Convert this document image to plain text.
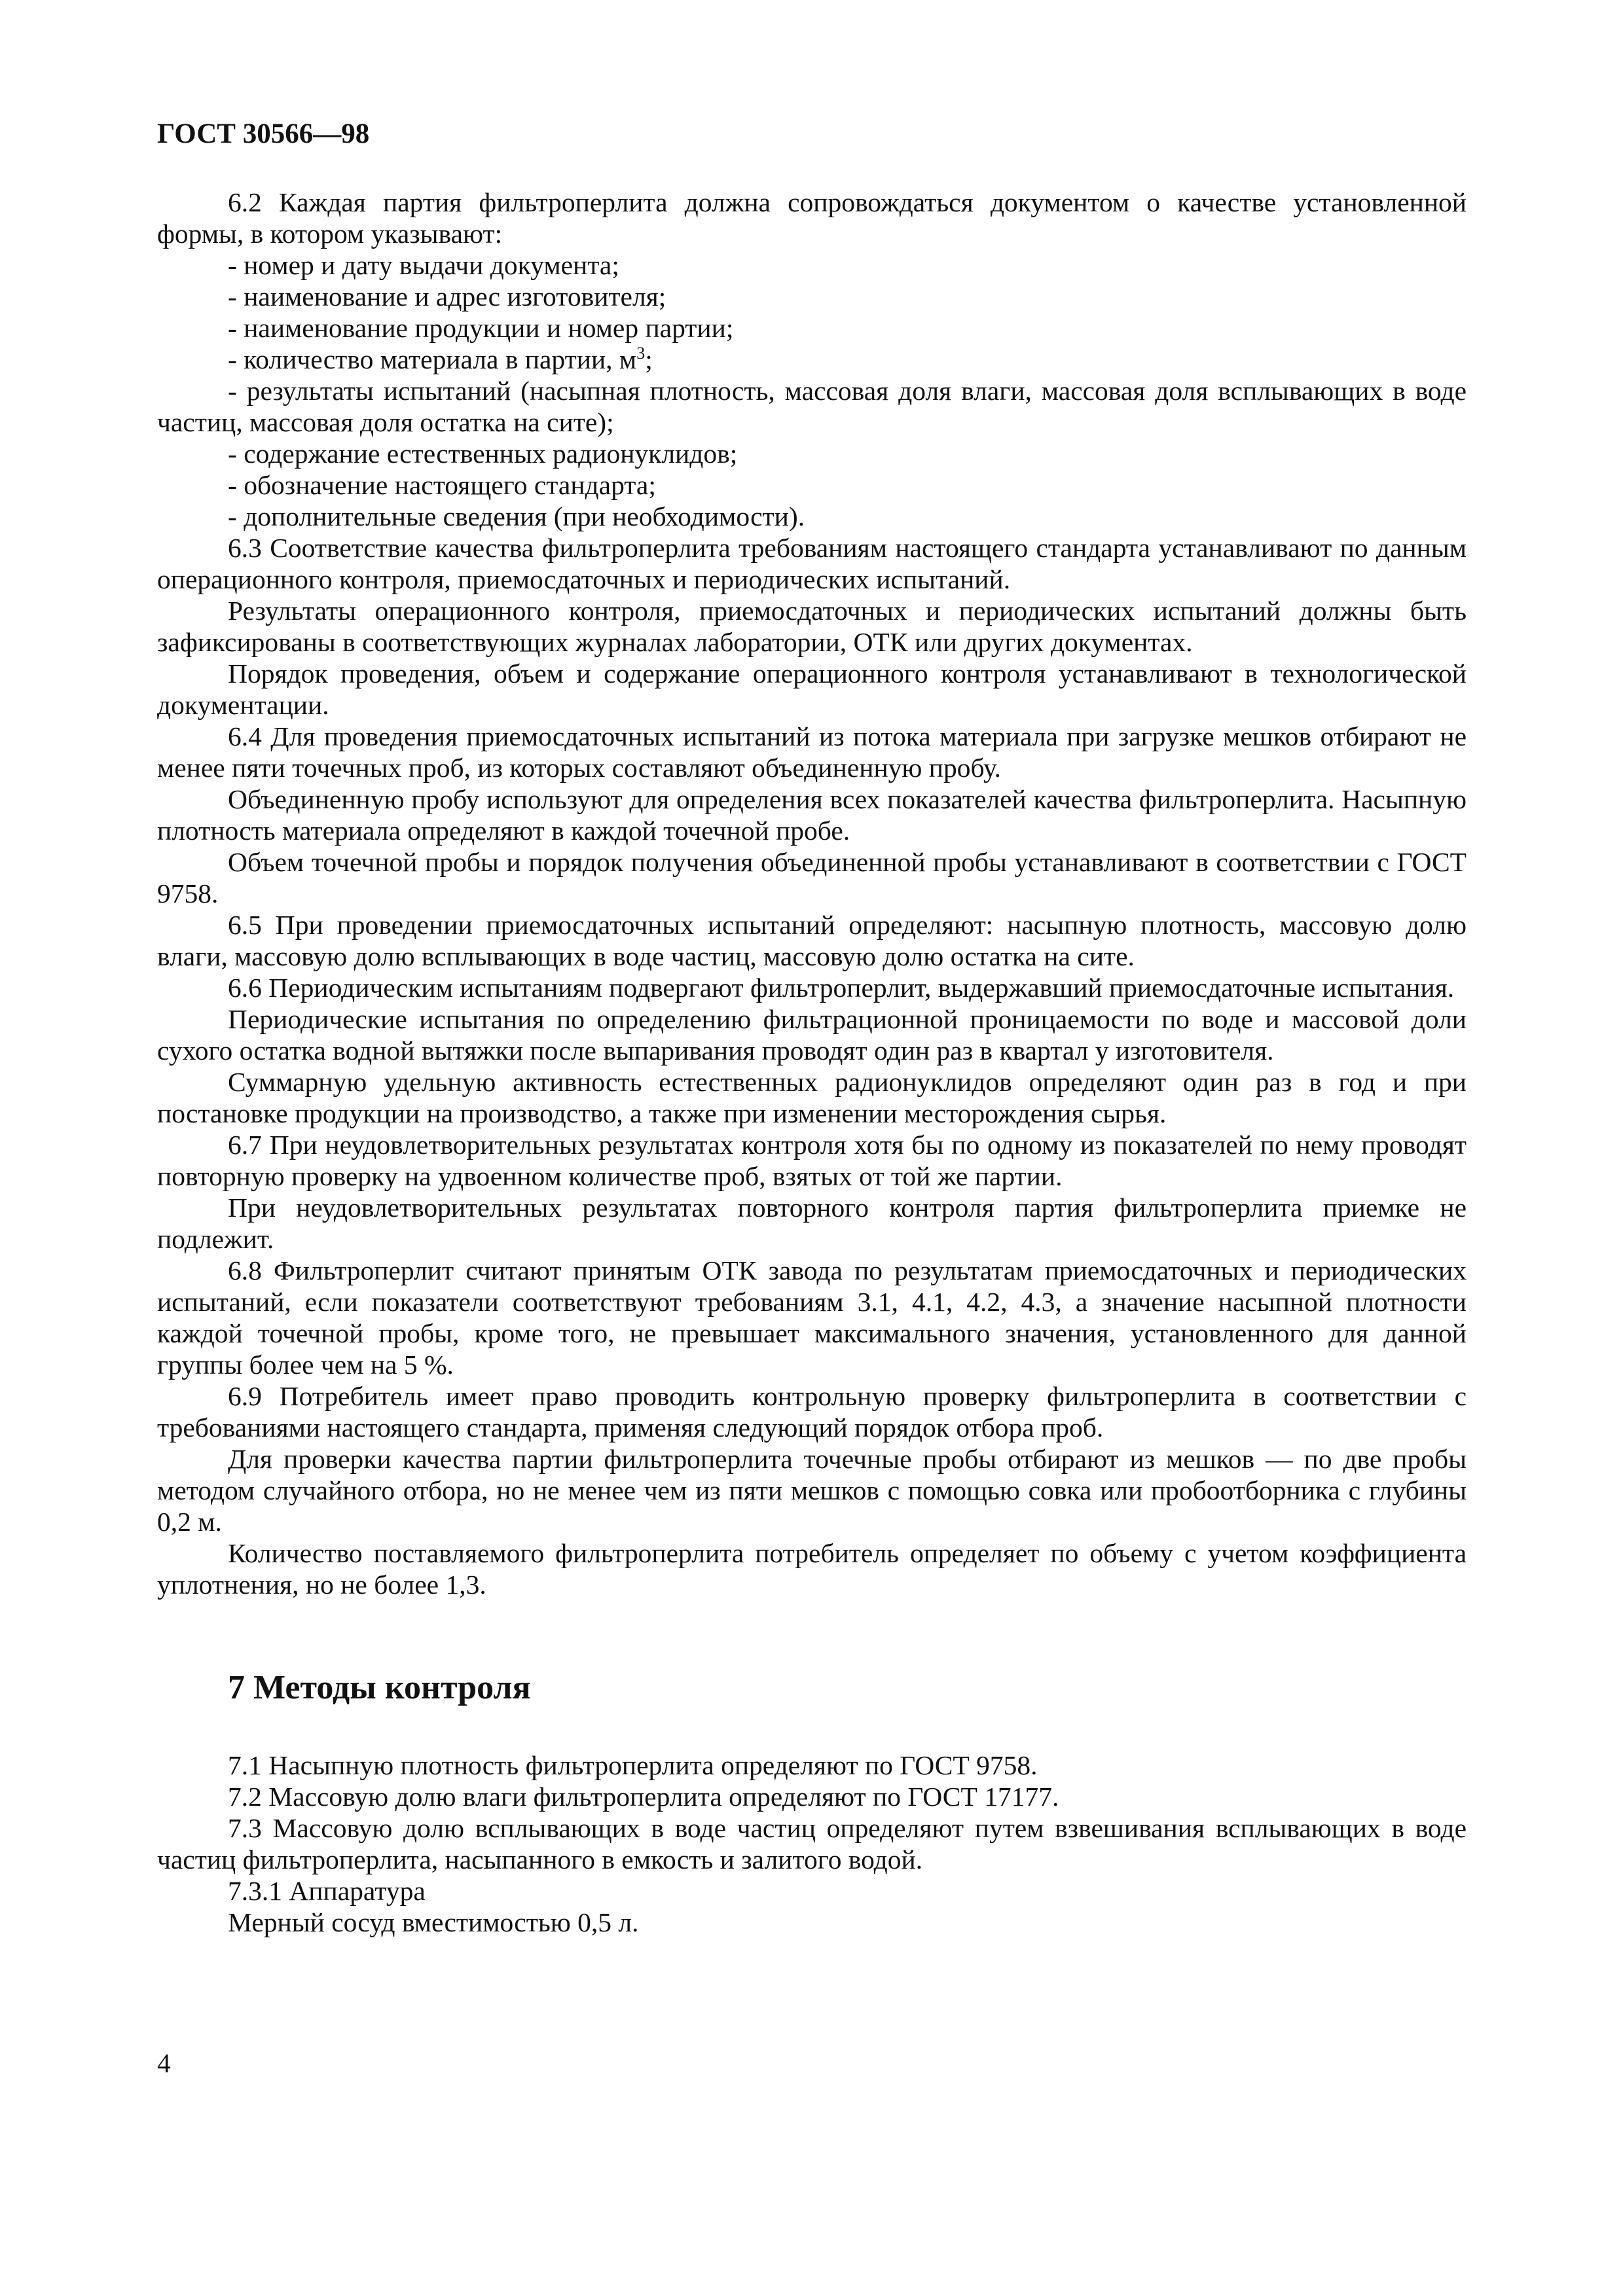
ГОСТ 30566—98

6.2 Каждая партия фильтроперлита должна сопровождаться документом о качестве установленной формы, в котором указывают:

- номер и дату выдачи документа;

- наименование и адрес изготовителя;

- наименование продукции и номер партии;

- количество материала в партии, $м^3$;

- результаты испытаний (насыпная плотность, массовая доля влаги, массовая доля всплывающих в воде частиц, массовая доля остатка на сите);

- содержание естественных радионуклидов;

- обозначение настоящего стандарта;

- дополнительные сведения (при необходимости).

6.3 Соответствие качества фильтроперлита требованиям настоящего стандарта устанавливают по данным операционного контроля, приемосдаточных и периодических испытаний.

Результаты операционного контроля, приемосдаточных и периодических испытаний должны быть зафиксированы в соответствующих журналах лаборатории, ОТК или других документах.

Порядок проведения, объем и содержание операционного контроля устанавливают в технологической документации.

6.4 Для проведения приемосдаточных испытаний из потока материала при загрузке мешков отбирают не менее пяти точечных проб, из которых составляют объединенную пробу.

Объединенную пробу используют для определения всех показателей качества фильтроперлита. Насыпную плотность материала определяют в каждой точечной пробе.

Объем точечной пробы и порядок получения объединенной пробы устанавливают в соответствии с ГОСТ 9758.

6.5 При проведении приемосдаточных испытаний определяют: насыпную плотность, массовую долю влаги, массовую долю всплывающих в воде частиц, массовую долю остатка на сите.

6.6 Периодическим испытаниям подвергают фильтроперлит, выдержавший приемосдаточные испытания.

Периодические испытания по определению фильтрационной проницаемости по воде и массовой доли сухого остатка водной вытяжки после выпаривания проводят один раз в квартал у изготовителя.

Суммарную удельную активность естественных радионуклидов определяют один раз в год и при постановке продукции на производство, а также при изменении месторождения сырья.

6.7 При неудовлетворительных результатах контроля хотя бы по одному из показателей по нему проводят повторную проверку на удвоенном количестве проб, взятых от той же партии.

При неудовлетворительных результатах повторного контроля партия фильтроперлита приемке не подлежит.

6.8 Фильтроперлит считают принятым ОТК завода по результатам приемосдаточных и периодических испытаний, если показатели соответствуют требованиям 3.1, 4.1, 4.2, 4.3, а значение насыпной плотности каждой точечной пробы, кроме того, не превышает максимального значения, установленного для данной группы более чем на 5 %.

6.9 Потребитель имеет право проводить контрольную проверку фильтроперлита в соответствии с требованиями настоящего стандарта, применяя следующий порядок отбора проб.

Для проверки качества партии фильтроперлита точечные пробы отбирают из мешков — по две пробы методом случайного отбора, но не менее чем из пяти мешков с помощью совка или пробоотборника с глубины 0,2 м.

Количество поставляемого фильтроперлита потребитель определяет по объему с учетом коэффициента уплотнения, но не более 1,3.

7 Методы контроля

7.1 Насыпную плотность фильтроперлита определяют по ГОСТ 9758.

7.2 Массовую долю влаги фильтроперлита определяют по ГОСТ 17177.

7.3 Массовую долю всплывающих в воде частиц определяют путем взвешивания всплывающих в воде частиц фильтроперлита, насыпанного в емкость и залитого водой.

7.3.1 Аппаратура

Мерный сосуд вместимостью 0,5 л.

4
